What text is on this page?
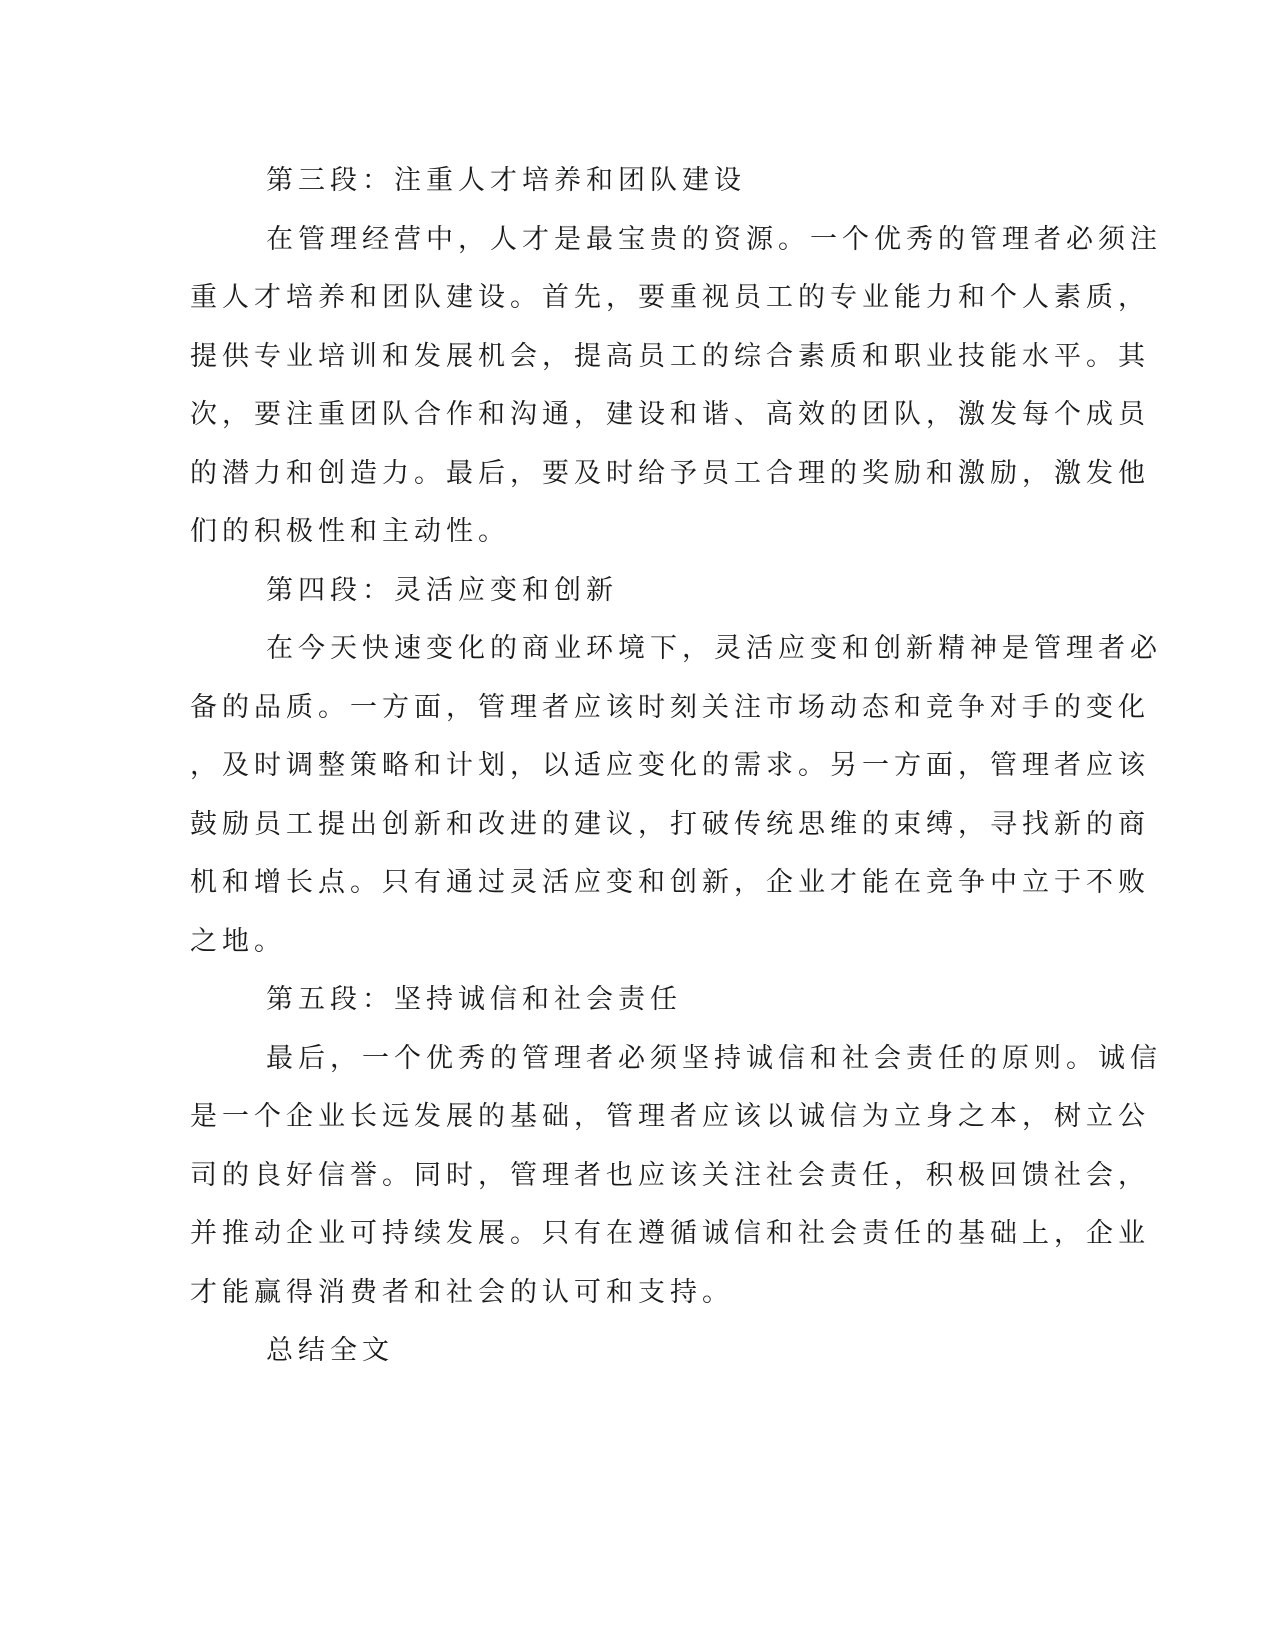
第三段：注重人才培养和团队建设

在管理经营中，人才是最宝贵的资源。一个优秀的管理者必须注

重人才培养和团队建设。首先，要重视员工的专业能力和个人素质，

提供专业培训和发展机会，提高员工的综合素质和职业技能水平。其

次，要注重团队合作和沟通，建设和谐、高效的团队，激发每个成员

的潜力和创造力。最后，要及时给予员工合理的奖励和激励，激发他

们的积极性和主动性。

第四段：灵活应变和创新

在今天快速变化的商业环境下，灵活应变和创新精神是管理者必

备的品质。一方面，管理者应该时刻关注市场动态和竞争对手的变化

，及时调整策略和计划，以适应变化的需求。另一方面，管理者应该

鼓励员工提出创新和改进的建议，打破传统思维的束缚，寻找新的商

机和增长点。只有通过灵活应变和创新，企业才能在竞争中立于不败

之地。

第五段：坚持诚信和社会责任

最后，一个优秀的管理者必须坚持诚信和社会责任的原则。诚信

是一个企业长远发展的基础，管理者应该以诚信为立身之本，树立公

司的良好信誉。同时，管理者也应该关注社会责任，积极回馈社会，

并推动企业可持续发展。只有在遵循诚信和社会责任的基础上，企业

才能赢得消费者和社会的认可和支持。

总结全文
